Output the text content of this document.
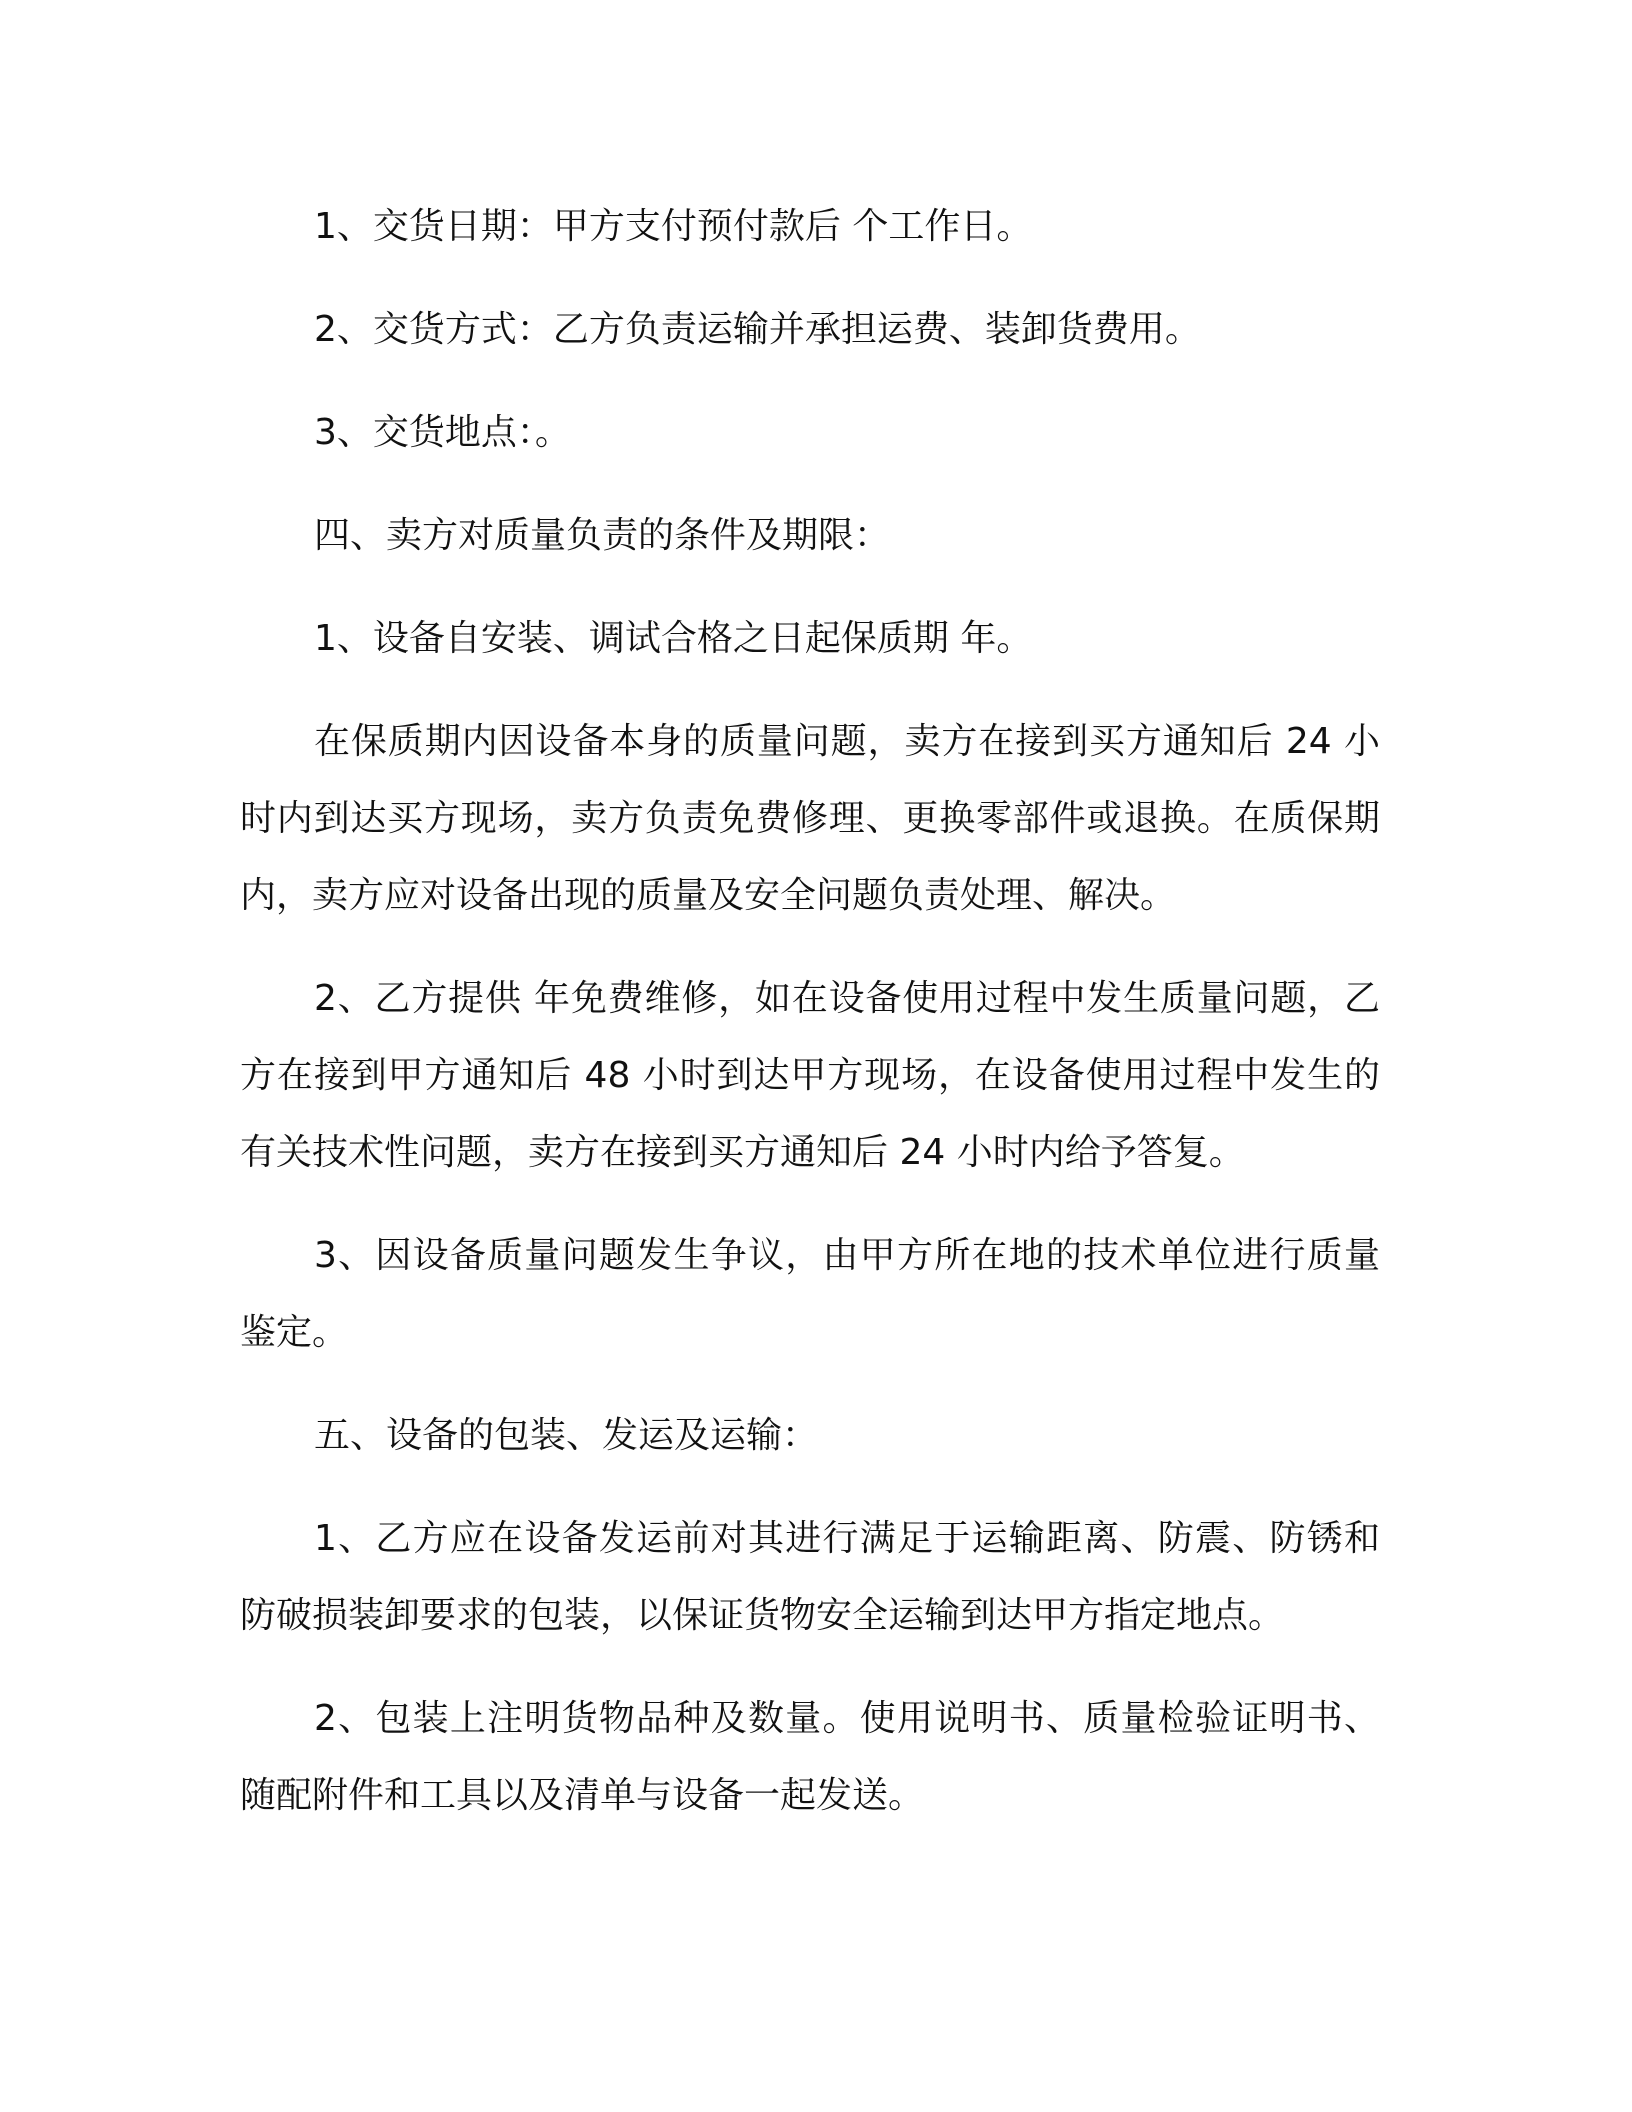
1、交货日期：甲方支付预付款后 个工作日。

2、交货方式：乙方负责运输并承担运费、装卸货费用。

3、交货地点：。

四、卖方对质量负责的条件及期限：

1、设备自安装、调试合格之日起保质期 年。

在保质期内因设备本身的质量问题，卖方在接到买方通知后 24 小时内到达买方现场，卖方负责免费修理、更换零部件或退换。在质保期内，卖方应对设备出现的质量及安全问题负责处理、解决。

2、乙方提供 年免费维修，如在设备使用过程中发生质量问题，乙方在接到甲方通知后 48 小时到达甲方现场，在设备使用过程中发生的有关技术性问题，卖方在接到买方通知后 24 小时内给予答复。

3、因设备质量问题发生争议，由甲方所在地的技术单位进行质量鉴定。

五、设备的包装、发运及运输：

1、乙方应在设备发运前对其进行满足于运输距离、防震、防锈和防破损装卸要求的包装，以保证货物安全运输到达甲方指定地点。

2、包装上注明货物品种及数量。使用说明书、质量检验证明书、随配附件和工具以及清单与设备一起发送。
